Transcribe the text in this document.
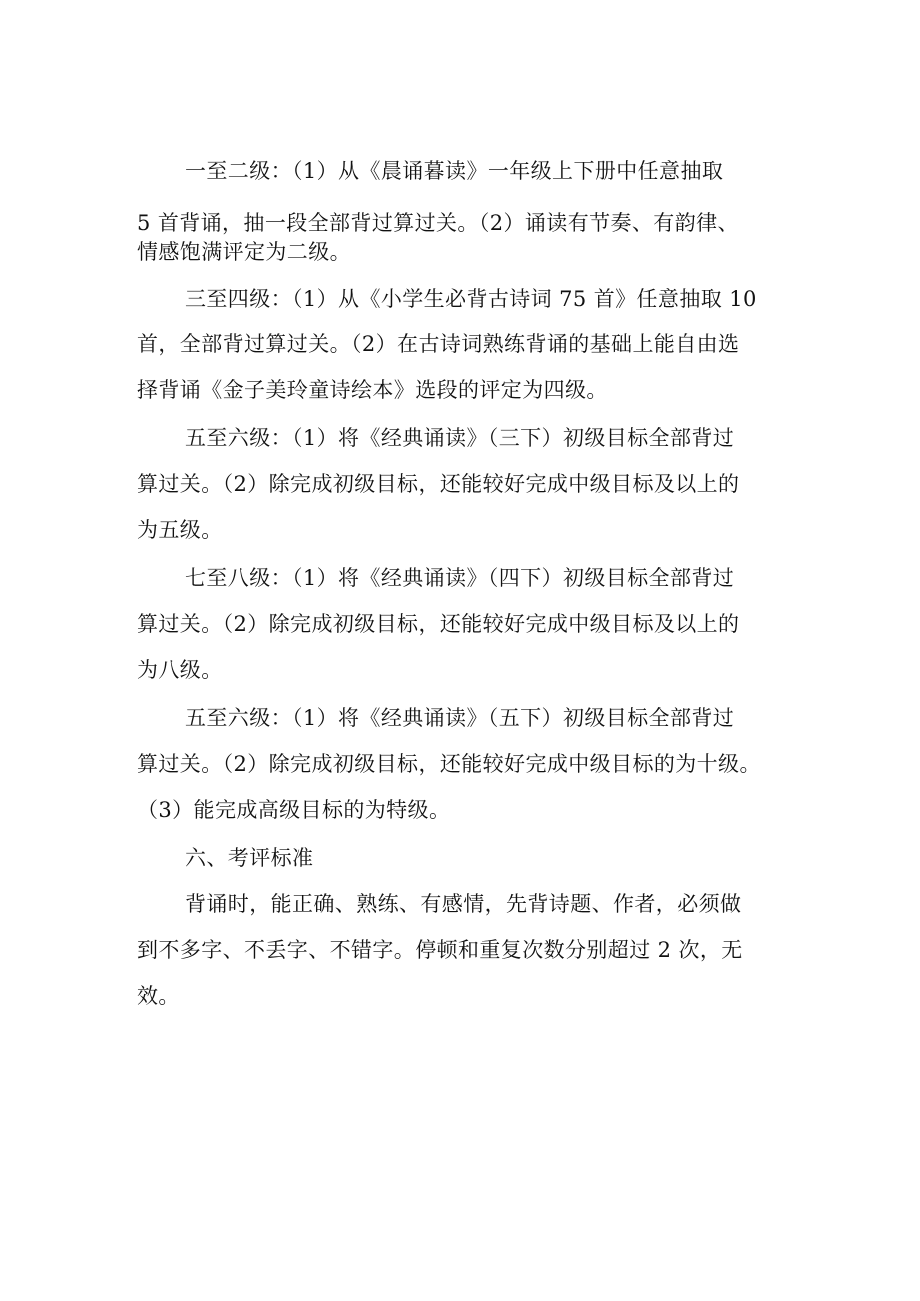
一至二级：（1）从《晨诵暮读》一年级上下册中任意抽取
5 首背诵，抽一段全部背过算过关。（2）诵读有节奏、有韵律、
情感饱满评定为二级。
三至四级：（1）从《小学生必背古诗词 75 首》任意抽取 10
首，全部背过算过关。（2）在古诗词熟练背诵的基础上能自由选
择背诵《金子美玲童诗绘本》选段的评定为四级。
五至六级：（1）将《经典诵读》（三下）初级目标全部背过
算过关。（2）除完成初级目标，还能较好完成中级目标及以上的
为五级。
七至八级：（1）将《经典诵读》（四下）初级目标全部背过
算过关。（2）除完成初级目标，还能较好完成中级目标及以上的
为八级。
五至六级：（1）将《经典诵读》（五下）初级目标全部背过
算过关。（2）除完成初级目标，还能较好完成中级目标的为十级。
（3）能完成高级目标的为特级。
六、考评标准
背诵时，能正确、熟练、有感情，先背诗题、作者，必须做
到不多字、不丢字、不错字。停顿和重复次数分别超过 2 次，无
效。
